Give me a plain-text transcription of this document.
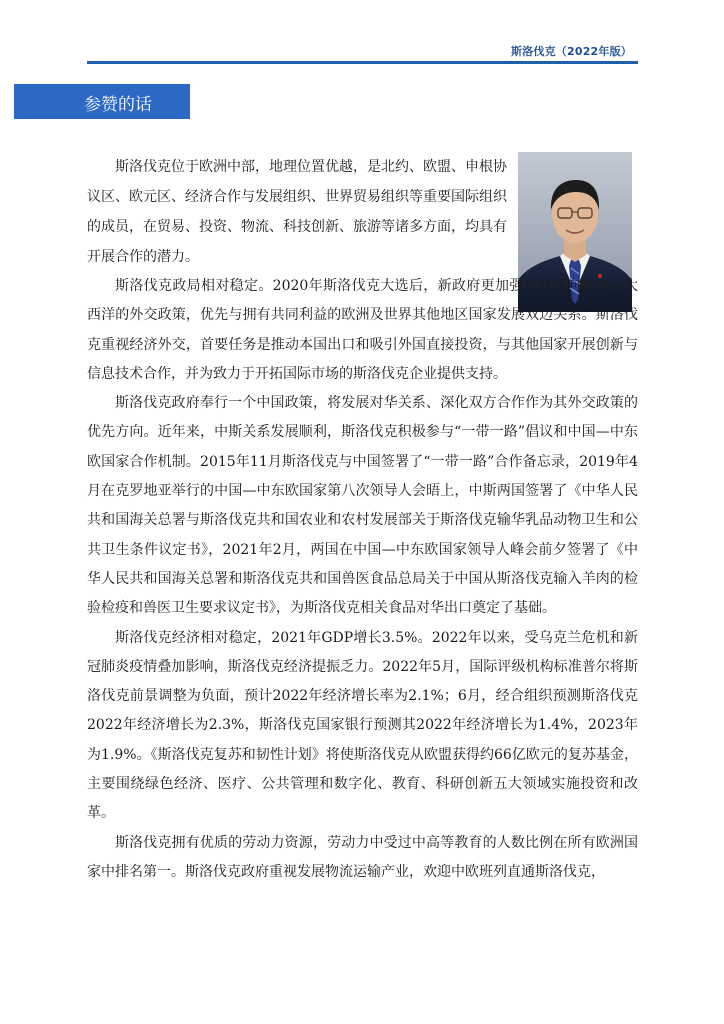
斯洛伐克（2022年版）
参赞的话

斯洛伐克位于欧洲中部，地理位置优越，是北约、欧盟、申根协议区、欧元区、经济合作与发展组织、世界贸易组织等重要国际组织的成员，在贸易、投资、物流、科技创新、旅游等诸多方面，均具有开展合作的潜力。

斯洛伐克政局相对稳定。2020年斯洛伐克大选后，新政府更加强调其面向欧洲—大西洋的外交政策，优先与拥有共同利益的欧洲及世界其他地区国家发展双边关系。斯洛伐克重视经济外交，首要任务是推动本国出口和吸引外国直接投资，与其他国家开展创新与信息技术合作，并为致力于开拓国际市场的斯洛伐克企业提供支持。

斯洛伐克政府奉行一个中国政策，将发展对华关系、深化双方合作作为其外交政策的优先方向。近年来，中斯关系发展顺利，斯洛伐克积极参与“一带一路”倡议和中国—中东欧国家合作机制。2015年11月斯洛伐克与中国签署了“一带一路”合作备忘录，2019年4月在克罗地亚举行的中国—中东欧国家第八次领导人会晤上，中斯两国签署了《中华人民共和国海关总署与斯洛伐克共和国农业和农村发展部关于斯洛伐克输华乳品动物卫生和公共卫生条件议定书》，2021年2月，两国在中国—中东欧国家领导人峰会前夕签署了《中华人民共和国海关总署和斯洛伐克共和国兽医食品总局关于中国从斯洛伐克输入羊肉的检验检疫和兽医卫生要求议定书》，为斯洛伐克相关食品对华出口奠定了基础。

斯洛伐克经济相对稳定，2021年GDP增长3.5%。2022年以来，受乌克兰危机和新冠肺炎疫情叠加影响，斯洛伐克经济提振乏力。2022年5月，国际评级机构标准普尔将斯洛伐克前景调整为负面，预计2022年经济增长率为2.1%；6月，经合组织预测斯洛伐克2022年经济增长为2.3%，斯洛伐克国家银行预测其2022年经济增长为1.4%，2023年为1.9%。《斯洛伐克复苏和韧性计划》将使斯洛伐克从欧盟获得约66亿欧元的复苏基金，主要围绕绿色经济、医疗、公共管理和数字化、教育、科研创新五大领域实施投资和改革。

斯洛伐克拥有优质的劳动力资源，劳动力中受过中高等教育的人数比例在所有欧洲国家中排名第一。斯洛伐克政府重视发展物流运输产业，欢迎中欧班列直通斯洛伐克，
